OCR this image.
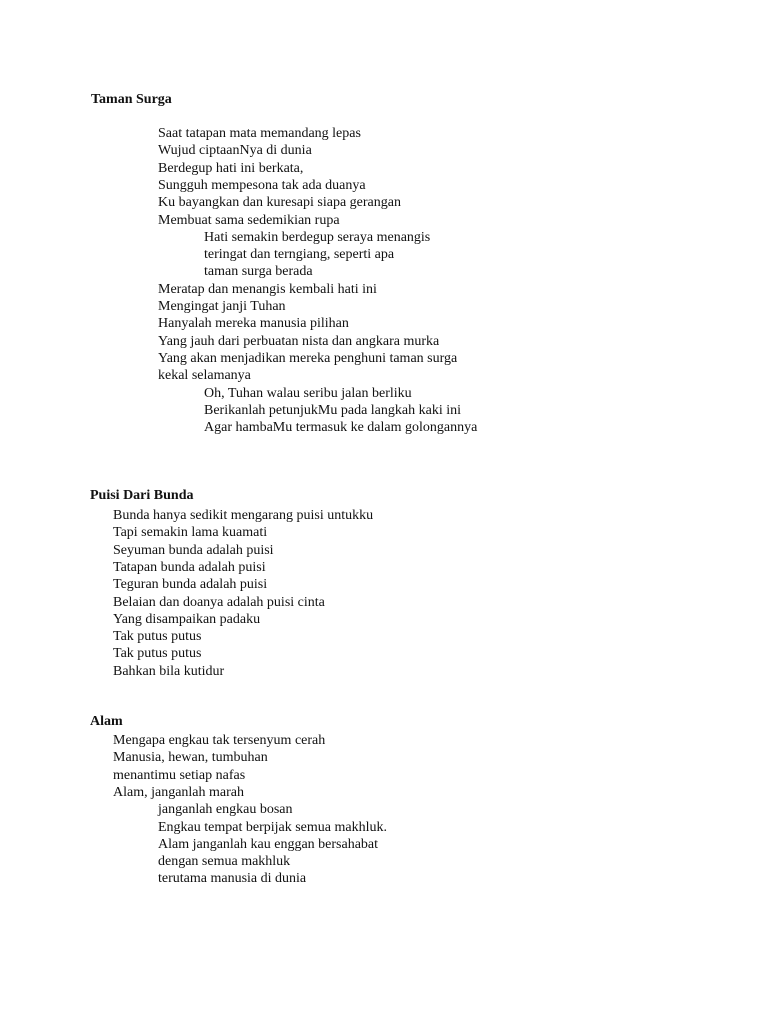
Taman Surga
Saat tatapan mata memandang lepas
Wujud ciptaanNya di dunia
Berdegup hati ini berkata,
Sungguh mempesona tak ada duanya
Ku bayangkan dan kuresapi siapa gerangan
Membuat sama sedemikian rupa
Hati semakin berdegup seraya menangis
teringat dan terngiang, seperti apa
taman surga berada
Meratap dan menangis kembali hati ini
Mengingat janji Tuhan
Hanyalah mereka manusia pilihan
Yang jauh dari perbuatan nista dan angkara murka
Yang akan menjadikan mereka penghuni taman surga
kekal selamanya
Oh, Tuhan walau seribu jalan berliku
Berikanlah petunjukMu pada langkah kaki ini
Agar hambaMu termasuk ke dalam golongannya
Puisi Dari Bunda
Bunda hanya sedikit mengarang puisi untukku
Tapi semakin lama kuamati
Seyuman bunda adalah puisi
Tatapan bunda adalah puisi
Teguran bunda adalah puisi
Belaian dan doanya adalah puisi cinta
Yang disampaikan padaku
Tak putus putus
Tak putus putus
Bahkan bila kutidur
Alam
Mengapa engkau tak tersenyum cerah
Manusia, hewan, tumbuhan
menantimu setiap nafas
Alam, janganlah marah
janganlah engkau bosan
Engkau tempat berpijak semua makhluk.
Alam janganlah kau enggan bersahabat
dengan semua makhluk
terutama manusia di dunia
